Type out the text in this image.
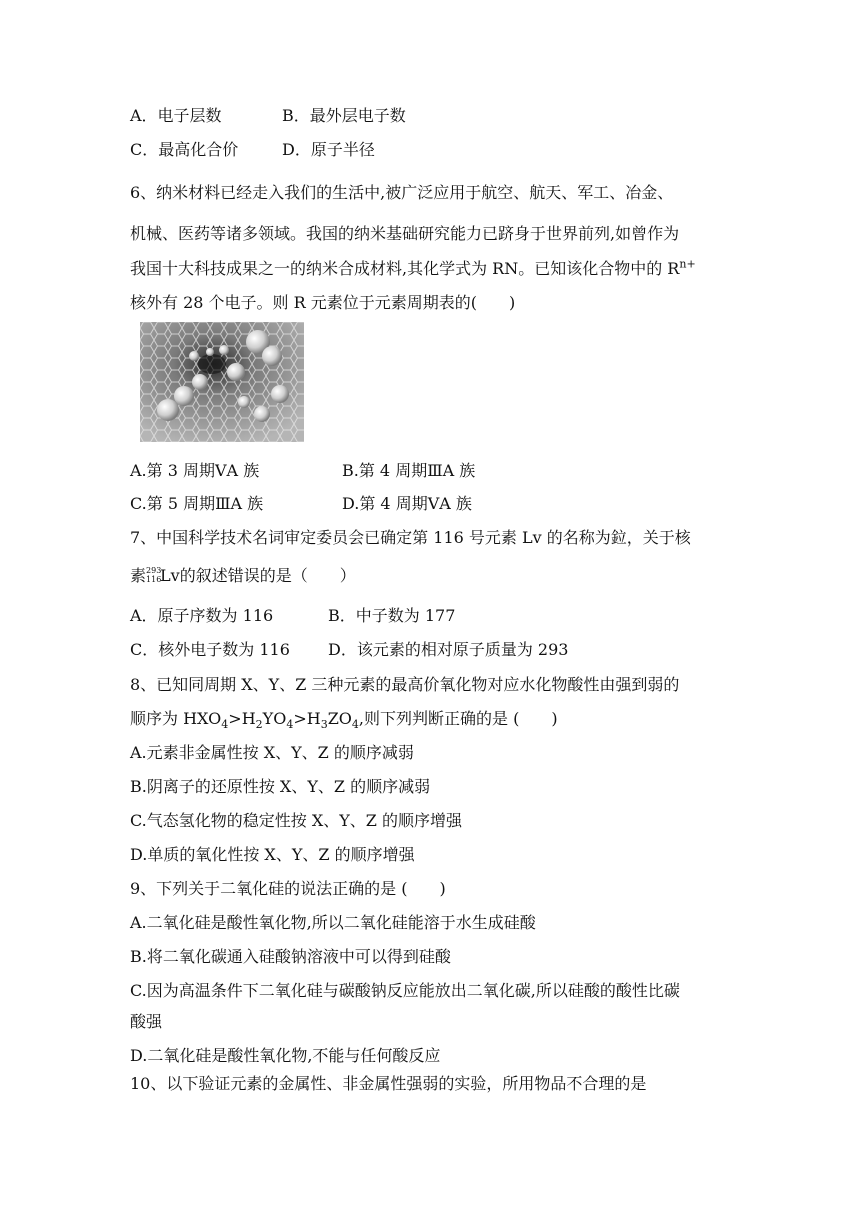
A．电子层数	B．最外层电子数
C．最高化合价	D．原子半径
6、纳米材料已经走入我们的生活中,被广泛应用于航空、航天、军工、冶金、
机械、医药等诸多领域。我国的纳米基础研究能力已跻身于世界前列,如曾作为
我国十大科技成果之一的纳米合成材料,其化学式为 RN。已知该化合物中的 $R^{n+}$
核外有 28 个电子。则 R 元素位于元素周期表的(　　)
A.第 3 周期ⅤA 族	B.第 4 周期ⅢA 族
C.第 5 周期ⅢA 族	D.第 4 周期ⅤA 族
7、中国科学技术名词审定委员会已确定第 116 号元素 Lv 的名称为鉝，关于核
素 293
116
Lv的叙述错误的是（　　）
A．原子序数为 116	B．中子数为 177
C．核外电子数为 116 D．该元素的相对原子质量为 293
8、已知同周期 X、Y、Z 三种元素的最高价氧化物对应水化物酸性由强到弱的
顺序为 $HXO_4>H_2YO_4>H_3ZO_4$,则下列判断正确的是 (　　)
A.元素非金属性按 X、Y、Z 的顺序减弱
B.阴离子的还原性按 X、Y、Z 的顺序减弱
C.气态氢化物的稳定性按 X、Y、Z 的顺序增强
D.单质的氧化性按 X、Y、Z 的顺序增强
9、下列关于二氧化硅的说法正确的是 (　　)
A.二氧化硅是酸性氧化物,所以二氧化硅能溶于水生成硅酸
B.将二氧化碳通入硅酸钠溶液中可以得到硅酸
C.因为高温条件下二氧化硅与碳酸钠反应能放出二氧化碳,所以硅酸的酸性比碳
酸强
D.二氧化硅是酸性氧化物,不能与任何酸反应
10、以下验证元素的金属性、非金属性强弱的实验，所用物品不合理的是
